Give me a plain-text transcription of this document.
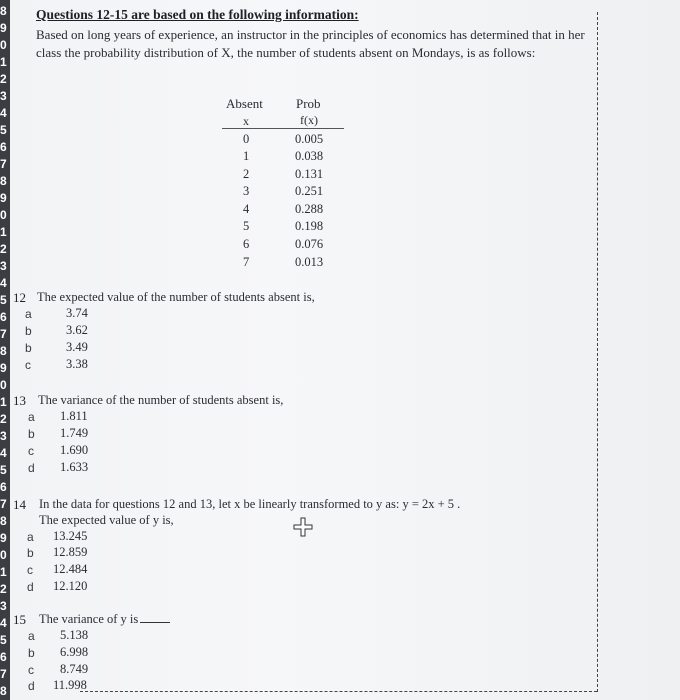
8
9
0
1
2
3
4
5
6
7
8
9
0
1
2
3
4
5
6
7
8
9
0
1
2
3
4
5
6
7
8
9
0
1
2
3
4
5
6
7
8
Questions 12-15 are based on the following information:
Based on long years of experience, an instructor in the principles of economics has determined that in her class the probability distribution of X, the number of students absent on Mondays, is as follows:
Absent
x
Prob
f(x)
0	0.005
1	0.038
2	0.131
3	0.251
4	0.288
5	0.198
6	0.076
7	0.013
12 The expected value of the number of students absent is,
a	3.74
b	3.62
b	3.49
c	3.38
13 The variance of the number of students absent is,
a 1.811
b 1.749
c 1.690
d 1.633
14 In the data for questions 12 and 13, let x be linearly transformed to y as: y = 2x + 5 .
The expected value of y is,
a 13.245
b 12.859
c 12.484
d 12.120
15 The variance of y is
a 5.138
b 6.998
c 8.749
d 11.998
